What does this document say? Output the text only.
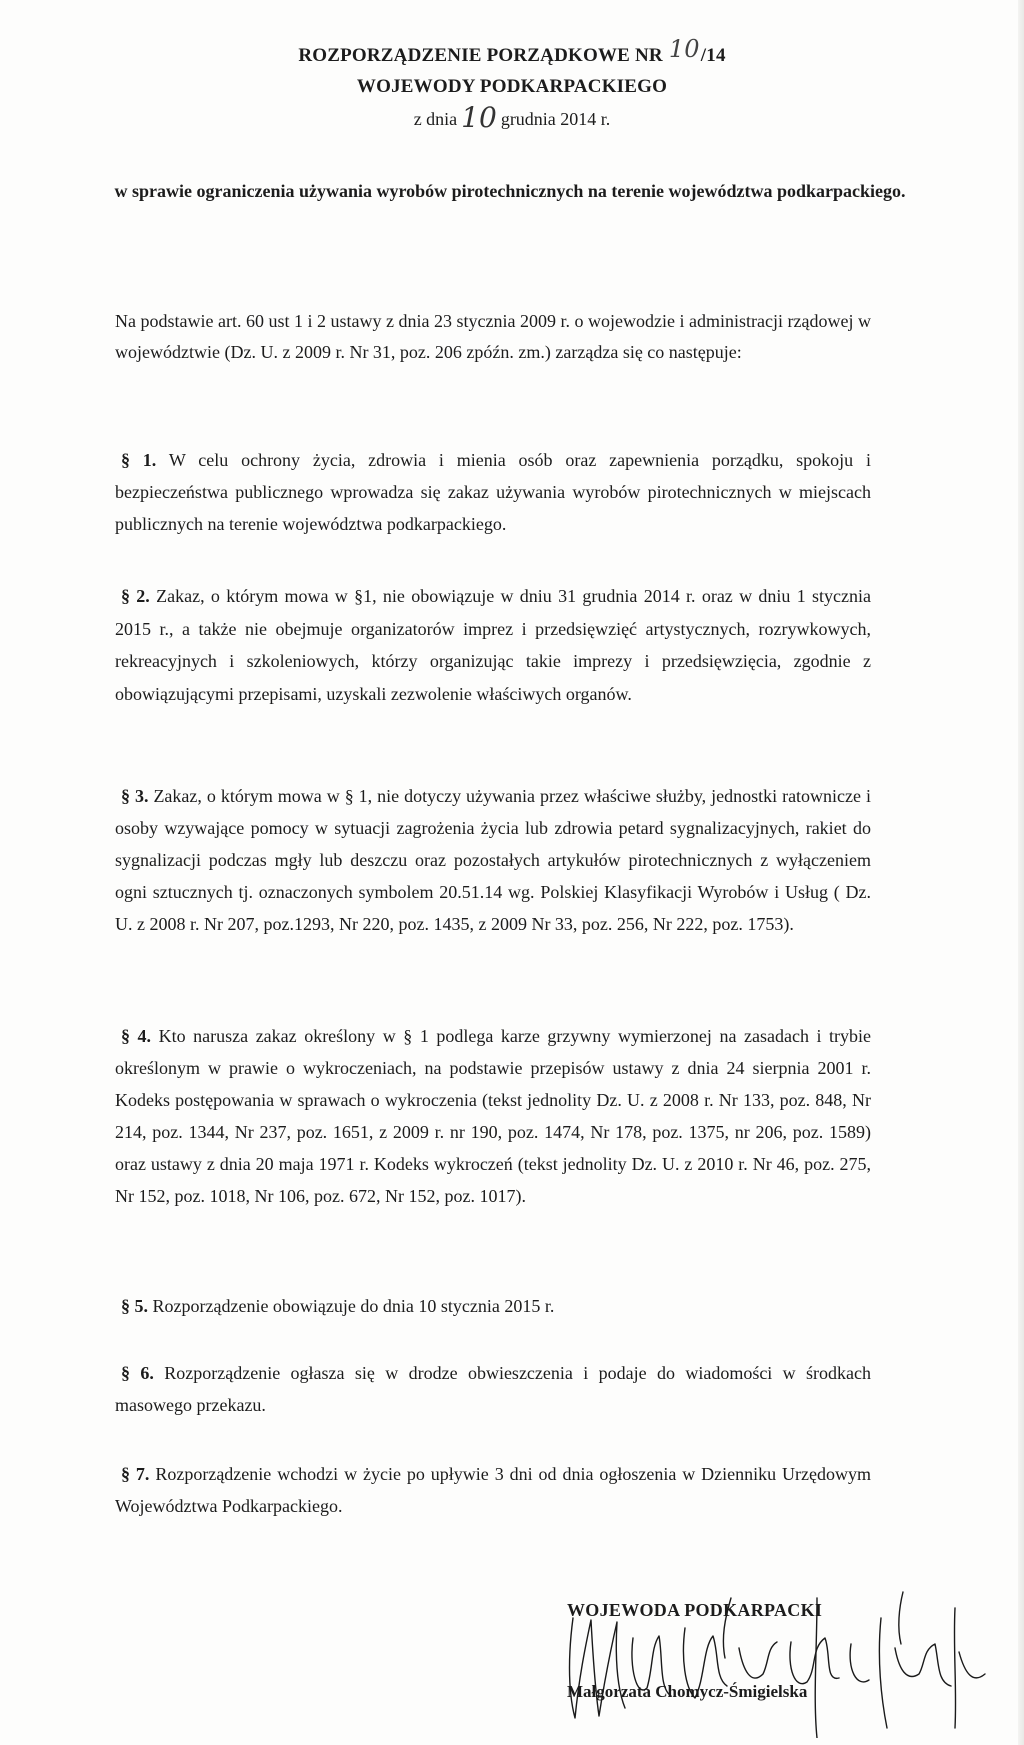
ROZPORZĄDZENIE PORZĄDKOWE NR 10/14
WOJEWODY PODKARPACKIEGO
z dnia 10 grudnia 2014 r.
w sprawie ograniczenia używania wyrobów pirotechnicznych na terenie województwa podkarpackiego.
Na podstawie art. 60 ust 1 i 2 ustawy z dnia 23 stycznia 2009 r. o wojewodzie i administracji rządowej w województwie (Dz. U. z 2009 r. Nr 31, poz. 206 zpóźn. zm.) zarządza się co następuje:
§ 1. W celu ochrony życia, zdrowia i mienia osób oraz zapewnienia porządku, spokoju i bezpieczeństwa publicznego wprowadza się zakaz używania wyrobów pirotechnicznych w miejscach publicznych na terenie województwa podkarpackiego.
§ 2. Zakaz, o którym mowa w §1, nie obowiązuje w dniu 31 grudnia 2014 r. oraz w dniu 1 stycznia 2015 r., a także nie obejmuje organizatorów imprez i przedsięwzięć artystycznych, rozrywkowych, rekreacyjnych i szkoleniowych, którzy organizując takie imprezy i przedsięwzięcia, zgodnie z obowiązującymi przepisami, uzyskali zezwolenie właściwych organów.
§ 3. Zakaz, o którym mowa w § 1, nie dotyczy używania przez właściwe służby, jednostki ratownicze i osoby wzywające pomocy w sytuacji zagrożenia życia lub zdrowia petard sygnalizacyjnych, rakiet do sygnalizacji podczas mgły lub deszczu oraz pozostałych artykułów pirotechnicznych z wyłączeniem ogni sztucznych tj. oznaczonych symbolem 20.51.14 wg. Polskiej Klasyfikacji Wyrobów i Usług ( Dz. U. z 2008 r. Nr 207, poz.1293, Nr 220, poz. 1435, z 2009 Nr 33, poz. 256, Nr 222, poz. 1753).
§ 4. Kto narusza zakaz określony w § 1 podlega karze grzywny wymierzonej na zasadach i trybie określonym w prawie o wykroczeniach, na podstawie przepisów ustawy z dnia 24 sierpnia 2001 r. Kodeks postępowania w sprawach o wykroczenia (tekst jednolity Dz. U. z 2008 r. Nr 133, poz. 848, Nr 214, poz. 1344, Nr 237, poz. 1651, z 2009 r. nr 190, poz. 1474, Nr 178, poz. 1375, nr 206, poz. 1589) oraz ustawy z dnia 20 maja 1971 r. Kodeks wykroczeń (tekst jednolity Dz. U. z 2010 r. Nr 46, poz. 275, Nr 152, poz. 1018, Nr 106, poz. 672, Nr 152, poz. 1017).
§ 5. Rozporządzenie obowiązuje do dnia 10 stycznia 2015 r.
§ 6. Rozporządzenie ogłasza się w drodze obwieszczenia i podaje do wiadomości w środkach masowego przekazu.
§ 7. Rozporządzenie wchodzi w życie po upływie 3 dni od dnia ogłoszenia w Dzienniku Urzędowym Województwa Podkarpackiego.
WOJEWODA PODKARPACKI
Małgorzata Chomycz-Śmigielska
